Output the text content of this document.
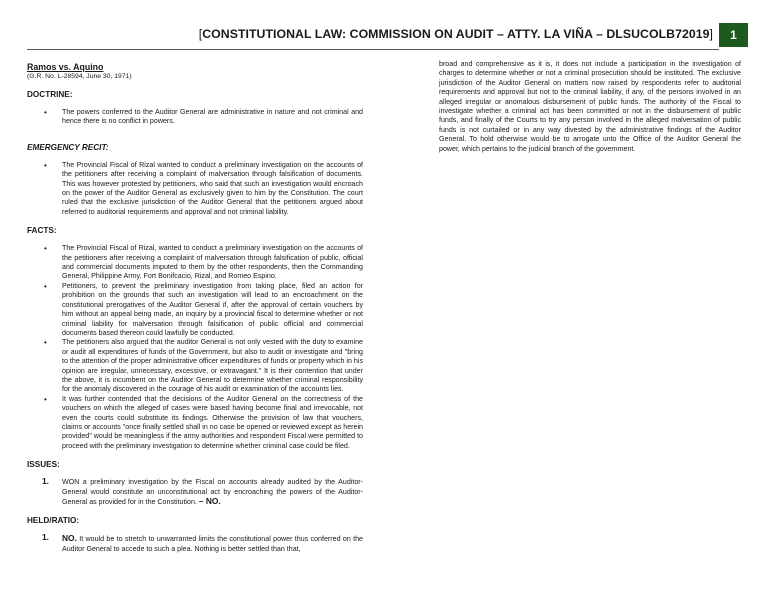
[CONSTITUTIONAL LAW: COMMISSION ON AUDIT – ATTY. LA VIÑA – DLSUCOLB72019]	1
Ramos vs. Aquino
(G.R. No. L-28594, June 30, 1971)
DOCTRINE:
• The powers conferred to the Auditor General are administrative in nature and not criminal and hence there is no conflict in powers.
EMERGENCY RECIT:
• The Provincial Fiscal of Rizal wanted to conduct a preliminary investigation on the accounts of the petitioners after receiving a complaint of malversation through falsification of documents. This was however protested by petitioners, who said that such an investigation would encroach on the power of the Auditor General as exclusively given to him by the Constitution. The court ruled that the exclusive jurisdiction of the Auditor General that the petitioners argued about referred to auditorial requirements and approval and not criminal liability.
FACTS:
• The Provincial Fiscal of Rizal, wanted to conduct a preliminary investigation on the accounts of the petitioners after receiving a complaint of malversation through falsification of public, official and commercial documents imputed to them by the other respondents, then the Commanding General, Philippine Army, Fort Bonifcacio, Rizal, and Romeo Espino.
• Petitioners, to prevent the preliminary investigation from taking place, filed an action for prohibition on the grounds that such an investigation will lead to an encroachment on the constitutional prerogatives of the Auditor General if, after the approval of certain vouchers by him without an appeal being made, an inquiry by a provincial fiscal to determine whether or not criminal liability for malversation through falsification of public official and commercial documents based thereon could lawfully be conducted.
• The petitioners also argued that the auditor General is not only vested with the duty to examine or audit all expenditures of funds of the Government, but also to audit or investigate and "bring to the attention of the proper administrative officer expenditures of funds or property which in his opinion are irregular, unnecessary, excessive, or extravagant." It is their contention that under the above, it is incumbent on the Auditor General to determine whether criminal responsibility for the anomaly discovered in the courage of his audit or examination of the accounts lies.
• It was further contended that the decisions of the Auditor General on the correctness of the vouchers on which the alleged of cases were based having become final and irrevocable, not even the courts could substitute its findings. Otherwise the provision of law that vouchers, claims or accounts "once finally settled shall in no case be opened or reviewed except as herein provided" would be meaningless if the army authorities and respondent Fiscal were permitted to proceed with the preliminary investigation to determine whether criminal case could be filed.
ISSUES:
1. WON a preliminary investigation by the Fiscal on accounts already audited by the Auditor-General would constitute an unconstitutional act by encroaching the powers of the Auditor-General as provided for in the Constitution. – NO.
HELD/RATIO:
1. NO. It would be to stretch to unwarranted limits the constitutional power thus conferred on the Auditor General to accede to such a plea. Nothing is better settled than that,

broad and comprehensive as it is, it does not include a participation in the investigation of charges to determine whether or not a criminal prosecution should be instituted. The exclusive jurisdiction of the Auditor General on matters now raised by respondents refer to auditorial requirements and approval but not to the criminal liability, if any, of the persons involved in an alleged irregular or anomalous disbursement of public funds. The authority of the Fiscal to investigate whether a criminal act has been committed or not in the disbursement of public funds, and finally of the Courts to try any person involved in the alleged malversation of public funds is not curtailed or in any way divested by the administrative findings of the Auditor General. To hold otherwise would be to arrogate unto the Office of the Auditor General the power, which pertains to the judicial branch of the government.
